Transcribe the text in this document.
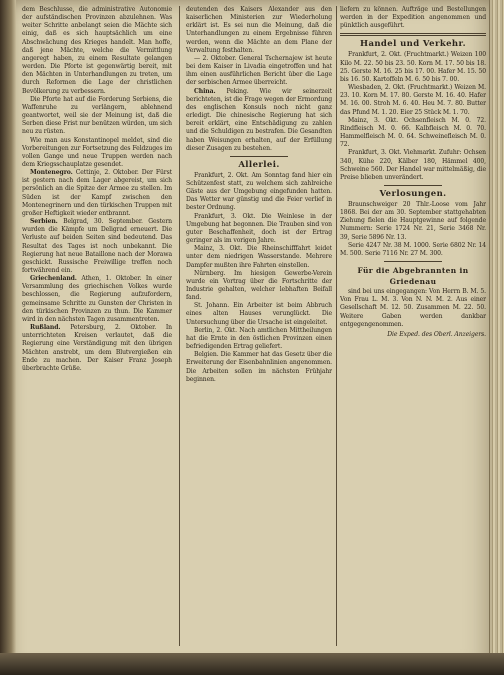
dem Beschlusse, die administrative Autonomie der aufständischen Provinzen abzulehnen. Was weiter Schritte anbelangt seien die Mächte sich einig, daß es sich hauptsächlich um eine Abschwächung des Krieges handelt. Man hoffe, daß jene Mächte, welche die Vermittlung angeregt haben, zu einem Resultate gelangen werden. Die Pforte ist gegenwärtig bereit, mit den Mächten in Unterhandlungen zu treten, um durch Reformen die Lage der christlichen Bevölkerung zu verbessern.

Die Pforte hat auf die Forderung Serbiens, die Waffenruhe zu verlängern, ablehnend geantwortet, weil sie der Meinung ist, daß die Serben diese Frist nur benützen würden, um sich neu zu rüsten.

Wie man aus Konstantinopel meldet, sind die Vorbereitungen zur Fortsetzung des Feldzuges im vollen Gange und neue Truppen werden nach dem Kriegsschauplatze gesendet.

Montenegro. Cettinje, 2. Oktober. Der Fürst ist gestern nach dem Lager abgereist, um sich persönlich an die Spitze der Armee zu stellen. Im Süden ist der Kampf zwischen den Montenegrinern und den türkischen Truppen mit großer Heftigkeit wieder entbrannt.

Serbien. Belgrad, 30. September. Gestern wurden die Kämpfe um Deligrad erneuert. Die Verluste auf beiden Seiten sind bedeutend. Das Resultat des Tages ist noch unbekannt. Die Regierung hat neue Bataillone nach der Morawa geschickt. Russische Freiwillige treffen noch fortwährend ein.

Griechenland. Athen, 1. Oktober. In einer Versammlung des griechischen Volkes wurde beschlossen, die Regierung aufzufordern, gemeinsame Schritte zu Gunsten der Christen in den türkischen Provinzen zu thun. Die Kammer wird in den nächsten Tagen zusammentreten.

Rußland. Petersburg, 2. Oktober. In unterrichteten Kreisen verlautet, daß die Regierung eine Verständigung mit den übrigen Mächten anstrebt, um dem Blutvergießen ein Ende zu machen. Der Kaiser Franz Joseph überbrachte Grüße.

deutenden des Kaisers Alexander aus den kaiserlichen Ministerien zur Wiederholung erklärt ist. Es sei nun die Meinung, daß die Unterhandlungen zu einem Ergebnisse führen werden, wenn die Mächte an dem Plane der Verwaltung festhalten.

— 2. Oktober. General Tschernajew ist heute bei dem Kaiser in Livadia eingetroffen und hat ihm einen ausführlichen Bericht über die Lage der serbischen Armee überreicht.

China. Peking. Wie wir seinerzeit berichteten, ist die Frage wegen der Ermordung des englischen Konsuls noch nicht ganz erledigt. Die chinesische Regierung hat sich bereit erklärt, eine Entschädigung zu zahlen und die Schuldigen zu bestrafen. Die Gesandten haben Weisungen erhalten, auf der Erfüllung dieser Zusagen zu bestehen.

Allerlei.

Frankfurt, 2. Okt. Am Sonntag fand hier ein Schützenfest statt, zu welchem sich zahlreiche Gäste aus der Umgebung eingefunden hatten. Das Wetter war günstig und die Feier verlief in bester Ordnung.

Frankfurt, 3. Okt. Die Weinlese in der Umgebung hat begonnen. Die Trauben sind von guter Beschaffenheit, doch ist der Ertrag geringer als im vorigen Jahre.

Mainz, 3. Okt. Die Rheinschifffahrt leidet unter dem niedrigen Wasserstande. Mehrere Dampfer mußten ihre Fahrten einstellen.

Nürnberg. Im hiesigen Gewerbe-Verein wurde ein Vortrag über die Fortschritte der Industrie gehalten, welcher lebhaften Beifall fand.

St. Johann. Ein Arbeiter ist beim Abbruch eines alten Hauses verunglückt. Die Untersuchung über die Ursache ist eingeleitet.

Berlin, 2. Okt. Nach amtlichen Mittheilungen hat die Ernte in den östlichen Provinzen einen befriedigenden Ertrag geliefert.

Belgien. Die Kammer hat das Gesetz über die Erweiterung der Eisenbahnlinien angenommen. Die Arbeiten sollen im nächsten Frühjahr beginnen.

liefern zu können. Aufträge und Bestellungen werden in der Expedition angenommen und pünktlich ausgeführt.

Handel und Verkehr.

Frankfurt, 2. Okt. (Fruchtmarkt.) Weizen 100 Kilo M. 22. 50 bis 23. 50. Korn M. 17. 50 bis 18. 25. Gerste M. 16. 25 bis 17. 00. Hafer M. 15. 50 bis 16. 50. Kartoffeln M. 6. 50 bis 7. 00.

Wiesbaden, 2. Okt. (Fruchtmarkt.) Weizen M. 23. 10. Korn M. 17. 80. Gerste M. 16. 40. Hafer M. 16. 00. Stroh M. 6. 40. Heu M. 7. 80. Butter das Pfund M. 1. 20. Eier 25 Stück M. 1. 70.

Mainz, 3. Okt. Ochsenfleisch M. 0. 72. Rindfleisch M. 0. 66. Kalbfleisch M. 0. 70. Hammelfleisch M. 0. 64. Schweinefleisch M. 0. 72.

Frankfurt, 3. Okt. Viehmarkt. Zufuhr: Ochsen 340, Kühe 220, Kälber 180, Hämmel 400, Schweine 560. Der Handel war mittelmäßig, die Preise blieben unverändert.

Verlosungen.

Braunschweiger 20 Thlr.-Loose vom Jahr 1868. Bei der am 30. September stattgehabten Ziehung fielen die Hauptgewinne auf folgende Nummern: Serie 1724 Nr. 21, Serie 3468 Nr. 39, Serie 5896 Nr. 13.

Serie 4247 Nr. 38 M. 1000. Serie 6802 Nr. 14 M. 500. Serie 7116 Nr. 27 M. 300.

Für die Abgebrannten in Griedenau

sind bei uns eingegangen: Von Herrn B. M. 5. Von Frau L. M. 3. Von N. N. M. 2. Aus einer Gesellschaft M. 12. 50. Zusammen M. 22. 50. Weitere Gaben werden dankbar entgegengenommen.

Die Exped. des Oberl. Anzeigers.
